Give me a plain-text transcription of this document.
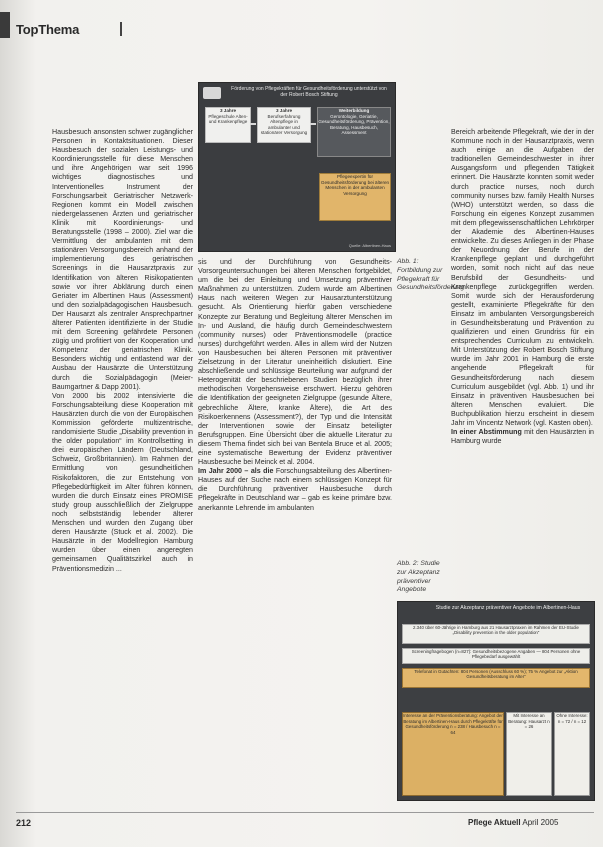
TopThema

Hausbesuch ansonsten schwer zugänglicher Personen in Kontaktsituationen. Dieser Hausbesuch der sozialen Leistungs- und Koordinierungsstelle für diese Menschen und ihre Angehörigen war seit 1996 wichtiges diagnostisches und Interventionelles Instrument der Forschungsarbeit Geriatrischer Netzwerk-Regionen kommt ein Modell zwischen niedergelassenen Ärzten und geriatrischer Klinik mit Koordinierungs- und Beratungsstelle (1998 – 2000). Ziel war die Vermittlung der ambulanten mit dem stationären Versorgungsbereich anhand der implementierung des geriatrischen Screenings in die Hausarztpraxis zur Identifikation von älteren Risikopatienten sowie vor ihrer Abklärung durch einen Geriater im Albertinen Haus (Assessment) und den sozialpädagogischen Hausbesuch. Der Hausarzt als zentraler Ansprechpartner älterer Patienten identifizierte in der Studie mit dem Screening gefährdete Personen zügig und profitiert von der Kooperation und Kompetenz der geriatrischen Klinik. Besonders wichtig und entlastend war der Ausbau der Hausärzte die Unterstützung durch die Sozialpädagogin (Meier-Baumgartner & Dapp 2001).

Von 2000 bis 2002 intensivierte die Forschungsabteilung diese Kooperation mit Hausärzten durch die von der Europäischen Kommission geförderte multizentrische, randomisierte Studie „Disability prevention in the older population“ im Kontrollsetting in drei europäischen Ländern (Deutschland, Schweiz, Großbritannien). Im Rahmen der Ermittlung von gesundheitlichen Risikofaktoren, die zur Entstehung von Pflegebedürftigkeit im Alter führen können, wurden die durch Einsatz eines PROMISE study group ausschließlich der Zielgruppe noch selbstständig lebender älterer Menschen und wurden den Zugang über deren Hausärzte (Stuck et al. 2002). Die Hausärzte in der Modellregion Hamburg wurden über einen angeregten gemeinsamen Qualitätszirkel auch in Präventionsmedizin ...

Förderung von Pflegekräften für Gesundheitsförderung unterstützt von der Robert Bosch Stiftung
3 Jahre
Pflegeschule Alten- und Krankenpflege
3 Jahre
Berufserfahrung Altenpflege in ambulanter und stationärer Versorgung
Weiterbildung
Gerontologie, Geriatrie, Gesundheitsförderung, Prävention, Beratung, Hausbesuch, Assessment
Pflegeexpertin für Gesundheitsförderung bei älteren Menschen in der ambulanten Versorgung
Quelle: Albertinen-Haus
Abb. 1: Fortbildung zur Pflegekraft für Gesundheitsförderung

sis und der Durchführung von Gesundheits-Vorsorgeuntersuchungen bei älteren Menschen fortgebildet, um die bei der Einleitung und Umsetzung präventiver Maßnahmen zu unterstützen. Zudem wurde am Albertinen Haus nach weiteren Wegen zur Hausarztunterstützung gesucht. Als Orientierung hierfür gaben verschiedene Konzepte zur Beratung und Begleitung älterer Menschen im In- und Ausland, die häufig durch Gemeindeschwestern (community nurses) oder Präventionsmodelle (practice nurses) durchgeführt werden. Alles in allem wird der Nutzen von Hausbesuchen bei älteren Personen mit präventiver Zielsetzung in der Literatur uneinheitlich diskutiert. Eine abschließende und schlüssige Beurteilung war aufgrund der Heterogenität der beschriebenen Studien bezüglich ihrer methodischen Vorgehensweise erschwert. Hierzu gehören die Identifikation der geeigneten Zielgruppe (gesunde Ältere, gebrechliche Ältere, kranke Ältere), die Art des Risikoerkennens (Assessment?), der Typ und die Intensität der Interventionen sowie der Einsatz beteiligter Berufsgruppen. Eine Übersicht über die aktuelle Literatur zu diesem Thema findet sich bei van Bentela Bruce et al. 2005; eine systematische Bewertung der Evidenz präventiver Hausbesuche bei Meinck et al. 2004.

Im Jahr 2000 – als die Forschungsabteilung des Albertinen-Hauses auf der Suche nach einem schlüssigen Konzept für die Durchführung präventiver Hausbesuche durch Pflegekräfte in Deutschland war – gab es keine primäre bzw. anerkannte Lehrende im ambulanten

Bereich arbeitende Pflegekraft, wie der in der Kommune noch in der Hausarztpraxis, wenn auch einige an die Aufgaben der traditionellen Gemeindeschwester in ihrer Ausgangsform und pflegenden Tätigkeit erinnert. Die Hausärzte konnten somit weder durch practice nurses, noch durch community nurses bzw. family Health Nurses (WHO) unterstützt werden, so dass die Forschung ein eigenes Konzept zusammen mit dem pflegewissenschaftlichen Lehrkörper der Akademie des Albertinen-Hauses entwickelte. Zu dieses Anliegen in der Phase der Neuordnung der Berufe in der Krankenpflege geplant und durchgeführt worden, somit noch nicht auf das neue Berufsbild der Gesundheits- und Krankenpflege zurückgegriffen werden. Somit wurde sich der Herausforderung gestellt, examinierte Pflegekräfte für den Einsatz im ambulanten Versorgungsbereich in Gesundheitsberatung und Prävention zu qualifizieren und einen Grundriss für ein entsprechendes Curriculum zu entwickeln. Mit Unterstützung der Robert Bosch Stiftung wurde im Jahr 2001 in Hamburg die erste angehende Pflegekraft für Gesundheitsförderung nach diesem Curriculum ausgebildet (vgl. Abb. 1) und ihr Einsatz in präventiven Hausbesuchen bei älteren Menschen evaluiert. Die Buchpublikation hierzu erscheint in diesem Jahr im Vincentz Network (vgl. Kasten oben).

In einer Abstimmung mit den Hausärzten in Hamburg wurde

Abb. 2: Studie zur Akzeptanz präventiver Angebote
Studie zur Akzeptanz präventiver Angebote im Albertinen-Haus
2.340 über 60-Jährige in Hamburg aus 21 Hausarztpraxen im Rahmen der EU-Studie „Disability prevention in the older population“
Screeningfragebogen (n=827): Gesundheitsbezogene Angaben — 804 Personen ohne Pflegebedarf ausgewählt
Telefonat in Gutachten: 804 Personen (Ausschluss 60 %); 75 % Angebot zur „Aktion Gesundheitsberatung im Alter“
Interesse an der Präventionsberatung: Angebot der Beratung im Albertinen-Haus durch Pflegekräfte für Gesundheitsförderung n = 238 / Hausbesuch n = 64
Mit Interesse an Beratung: Hausarzt n = 26
Ohne Interesse: n = 72 / n = 12
212	Pflege Aktuell April 2005
